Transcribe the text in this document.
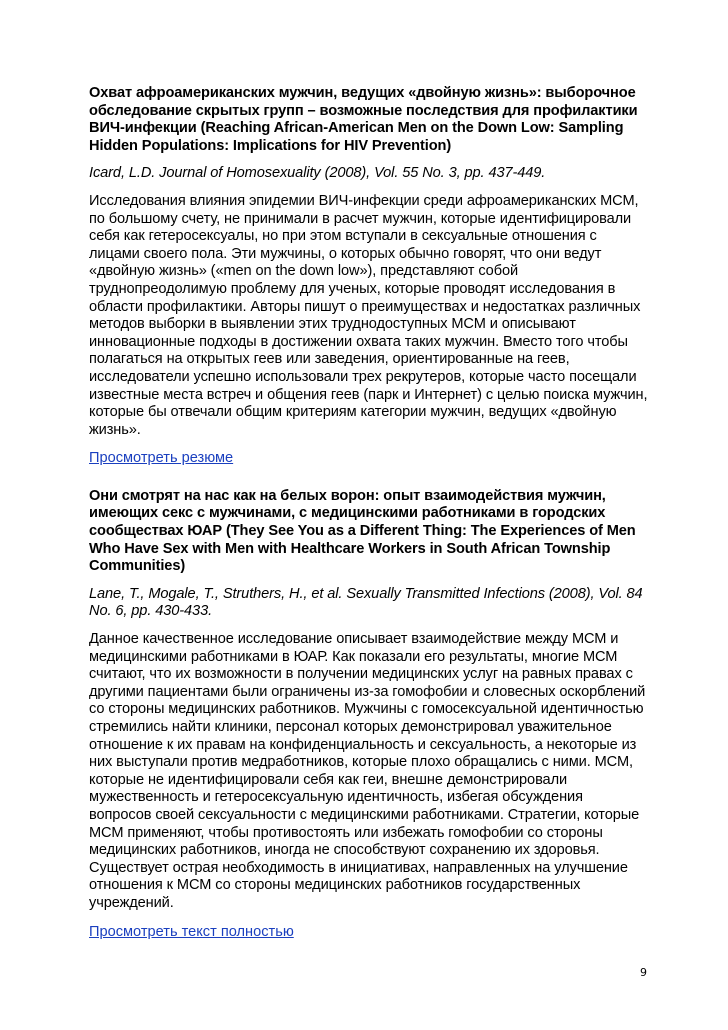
Охват афроамериканских мужчин, ведущих «двойную жизнь»: выборочное обследование скрытых групп – возможные последствия для профилактики ВИЧ-инфекции (Reaching African-American Men on the Down Low: Sampling Hidden Populations: Implications for HIV Prevention)

Icard, L.D. Journal of Homosexuality (2008), Vol. 55 No. 3, pp. 437-449.

Исследования влияния эпидемии ВИЧ-инфекции среди афроамериканских МСМ, по большому счету, не принимали в расчет мужчин, которые идентифицировали себя как гетеросексуалы, но при этом вступали в сексуальные отношения с лицами своего пола. Эти мужчины, о которых обычно говорят, что они ведут «двойную жизнь» («men on the down low»), представляют собой труднопреодолимую проблему для ученых, которые проводят исследования в области профилактики. Авторы пишут о преимуществах и недостатках различных методов выборки в выявлении этих труднодоступных МСМ и описывают инновационные подходы в достижении охвата таких мужчин. Вместо того чтобы полагаться на открытых геев или заведения, ориентированные на геев, исследователи успешно использовали трех рекрутеров, которые часто посещали известные места встреч и общения геев (парк и Интернет) с целью поиска мужчин, которые бы отвечали общим критериям категории мужчин, ведущих «двойную жизнь».

Просмотреть резюме

Они смотрят на нас как на белых ворон: опыт взаимодействия мужчин, имеющих секс с мужчинами, с медицинскими работниками в городских сообществах ЮАР (They See You as a Different Thing: The Experiences of Men Who Have Sex with Men with Healthcare Workers in South African Township Communities)

Lane, T., Mogale, T., Struthers, H., et al. Sexually Transmitted Infections (2008), Vol. 84 No. 6, pp. 430-433.

Данное качественное исследование описывает взаимодействие между МСМ и медицинскими работниками в ЮАР. Как показали его результаты, многие МСМ считают, что их возможности в получении медицинских услуг на равных правах с другими пациентами были ограничены из-за гомофобии и словесных оскорблений со стороны медицинских работников. Мужчины с гомосексуальной идентичностью стремились найти клиники, персонал которых демонстрировал уважительное отношение к их правам на конфиденциальность и сексуальность, а некоторые из них выступали против медработников, которые плохо обращались с ними. МСМ, которые не идентифицировали себя как геи, внешне демонстрировали мужественность и гетеросексуальную идентичность, избегая обсуждения вопросов своей сексуальности с медицинскими работниками. Стратегии, которые МСМ применяют, чтобы противостоять или избежать гомофобии со стороны медицинских работников, иногда не способствуют сохранению их здоровья. Существует острая необходимость в инициативах, направленных на улучшение отношения к МСМ со стороны медицинских работников государственных учреждений.

Просмотреть текст полностью
9
